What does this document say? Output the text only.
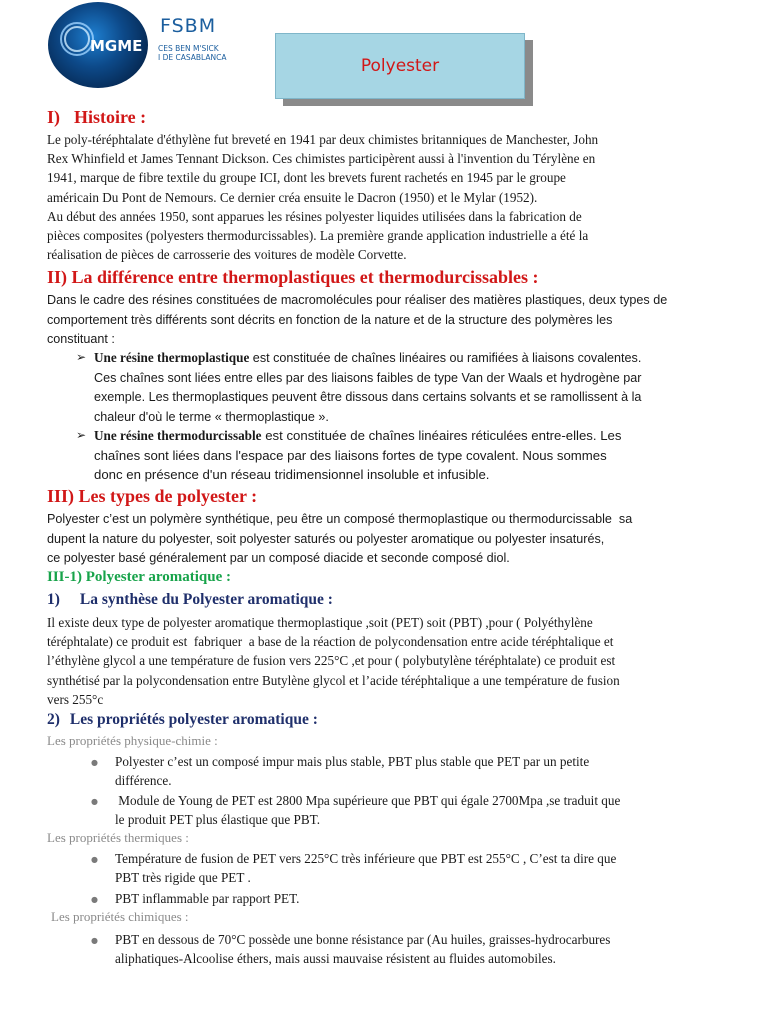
MGME
FSBM
CES BEN M'SICK
I DE CASABLANCA	Polyester
I) Histoire :
Le poly-téréphtalate d'éthylène fut breveté en 1941 par deux chimistes britanniques de Manchester, John
Rex Whinfield et James Tennant Dickson. Ces chimistes participèrent aussi à l'invention du Térylène en
1941, marque de fibre textile du groupe ICI, dont les brevets furent rachetés en 1945 par le groupe
américain Du Pont de Nemours. Ce dernier créa ensuite le Dacron (1950) et le Mylar (1952).
Au début des années 1950, sont apparues les résines polyester liquides utilisées dans la fabrication de
pièces composites (polyesters thermodurcissables). La première grande application industrielle a été la
réalisation de pièces de carrosserie des voitures de modèle Corvette.
II) La différence entre thermoplastiques et thermodurcissables :
Dans le cadre des résines constituées de macromolécules pour réaliser des matières plastiques, deux types de
comportement très différents sont décrits en fonction de la nature et de la structure des polymères les
constituant :
➢ Une résine thermoplastique est constituée de chaînes linéaires ou ramifiées à liaisons covalentes.
Ces chaînes sont liées entre elles par des liaisons faibles de type Van der Waals et hydrogène par
exemple. Les thermoplastiques peuvent être dissous dans certains solvants et se ramollissent à la
chaleur d'où le terme « thermoplastique ».
➢ Une résine thermodurcissable est constituée de chaînes linéaires réticulées entre-elles. Les
chaînes sont liées dans l'espace par des liaisons fortes de type covalent. Nous sommes
donc en présence d'un réseau tridimensionnel insoluble et infusible.
III) Les types de polyester :
Polyester c’est un polymère synthétique, peu être un composé thermoplastique ou thermodurcissable  sa
dupent la nature du polyester, soit polyester saturés ou polyester aromatique ou polyester insaturés,
ce polyester basé généralement par un composé diacide et seconde composé diol.
III-1) Polyester aromatique :
1) La synthèse du Polyester aromatique :
Il existe deux type de polyester aromatique thermoplastique ,soit (PET) soit (PBT) ,pour ( Polyéthylène
téréphtalate) ce produit est  fabriquer  a base de la réaction de polycondensation entre acide téréphtalique et
l’éthylène glycol a une température de fusion vers 225°C ,et pour ( polybutylène téréphtalate) ce produit est
synthétisé par la polycondensation entre Butylène glycol et l’acide téréphtalique a une température de fusion
vers 255°c
2) Les propriétés polyester aromatique :
Les propriétés physique-chimie :
● Polyester c’est un composé impur mais plus stable, PBT plus stable que PET par un petite
différence.
● Module de Young de PET est 2800 Mpa supérieure que PBT qui égale 2700Mpa ,se traduit que
le produit PET plus élastique que PBT.
Les propriétés thermiques :
● Température de fusion de PET vers 225°C très inférieure que PBT est 255°C , C’est ta dire que
PBT très rigide que PET .
● PBT inflammable par rapport PET.
Les propriétés chimiques :
● PBT en dessous de 70°C possède une bonne résistance par (Au huiles, graisses-hydrocarbures
aliphatiques-Alcoolise éthers, mais aussi mauvaise résistent au fluides automobiles.
